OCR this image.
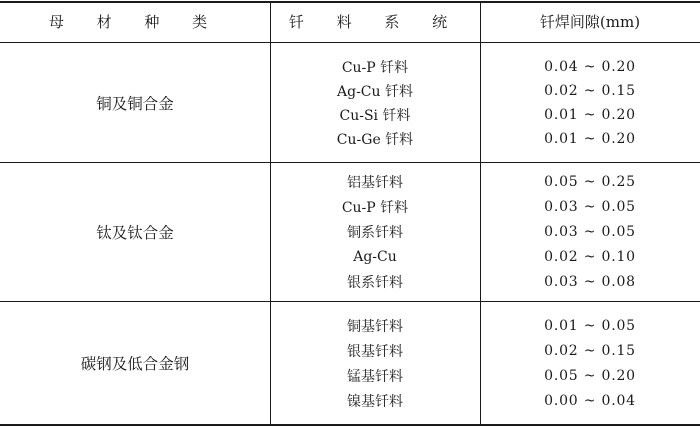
母 材 种 类	钎 料 系 统	钎焊间隙(mm)
铜及铜合金
Cu-P 钎料	0.04 ~ 0.20
Ag-Cu 钎料	0.02 ~ 0.15
Cu-Si 钎料	0.01 ~ 0.20
Cu-Ge 钎料	0.01 ~ 0.20
钛及钛合金
铝基钎料	0.05 ~ 0.25
Cu-P 钎料	0.03 ~ 0.05
铜系钎料	0.03 ~ 0.05
Ag-Cu	0.02 ~ 0.10
银系钎料	0.03 ~ 0.08
碳钢及低合金钢
铜基钎料	0.01 ~ 0.05
银基钎料	0.02 ~ 0.15
锰基钎料	0.05 ~ 0.20
镍基钎料	0.00 ~ 0.04
